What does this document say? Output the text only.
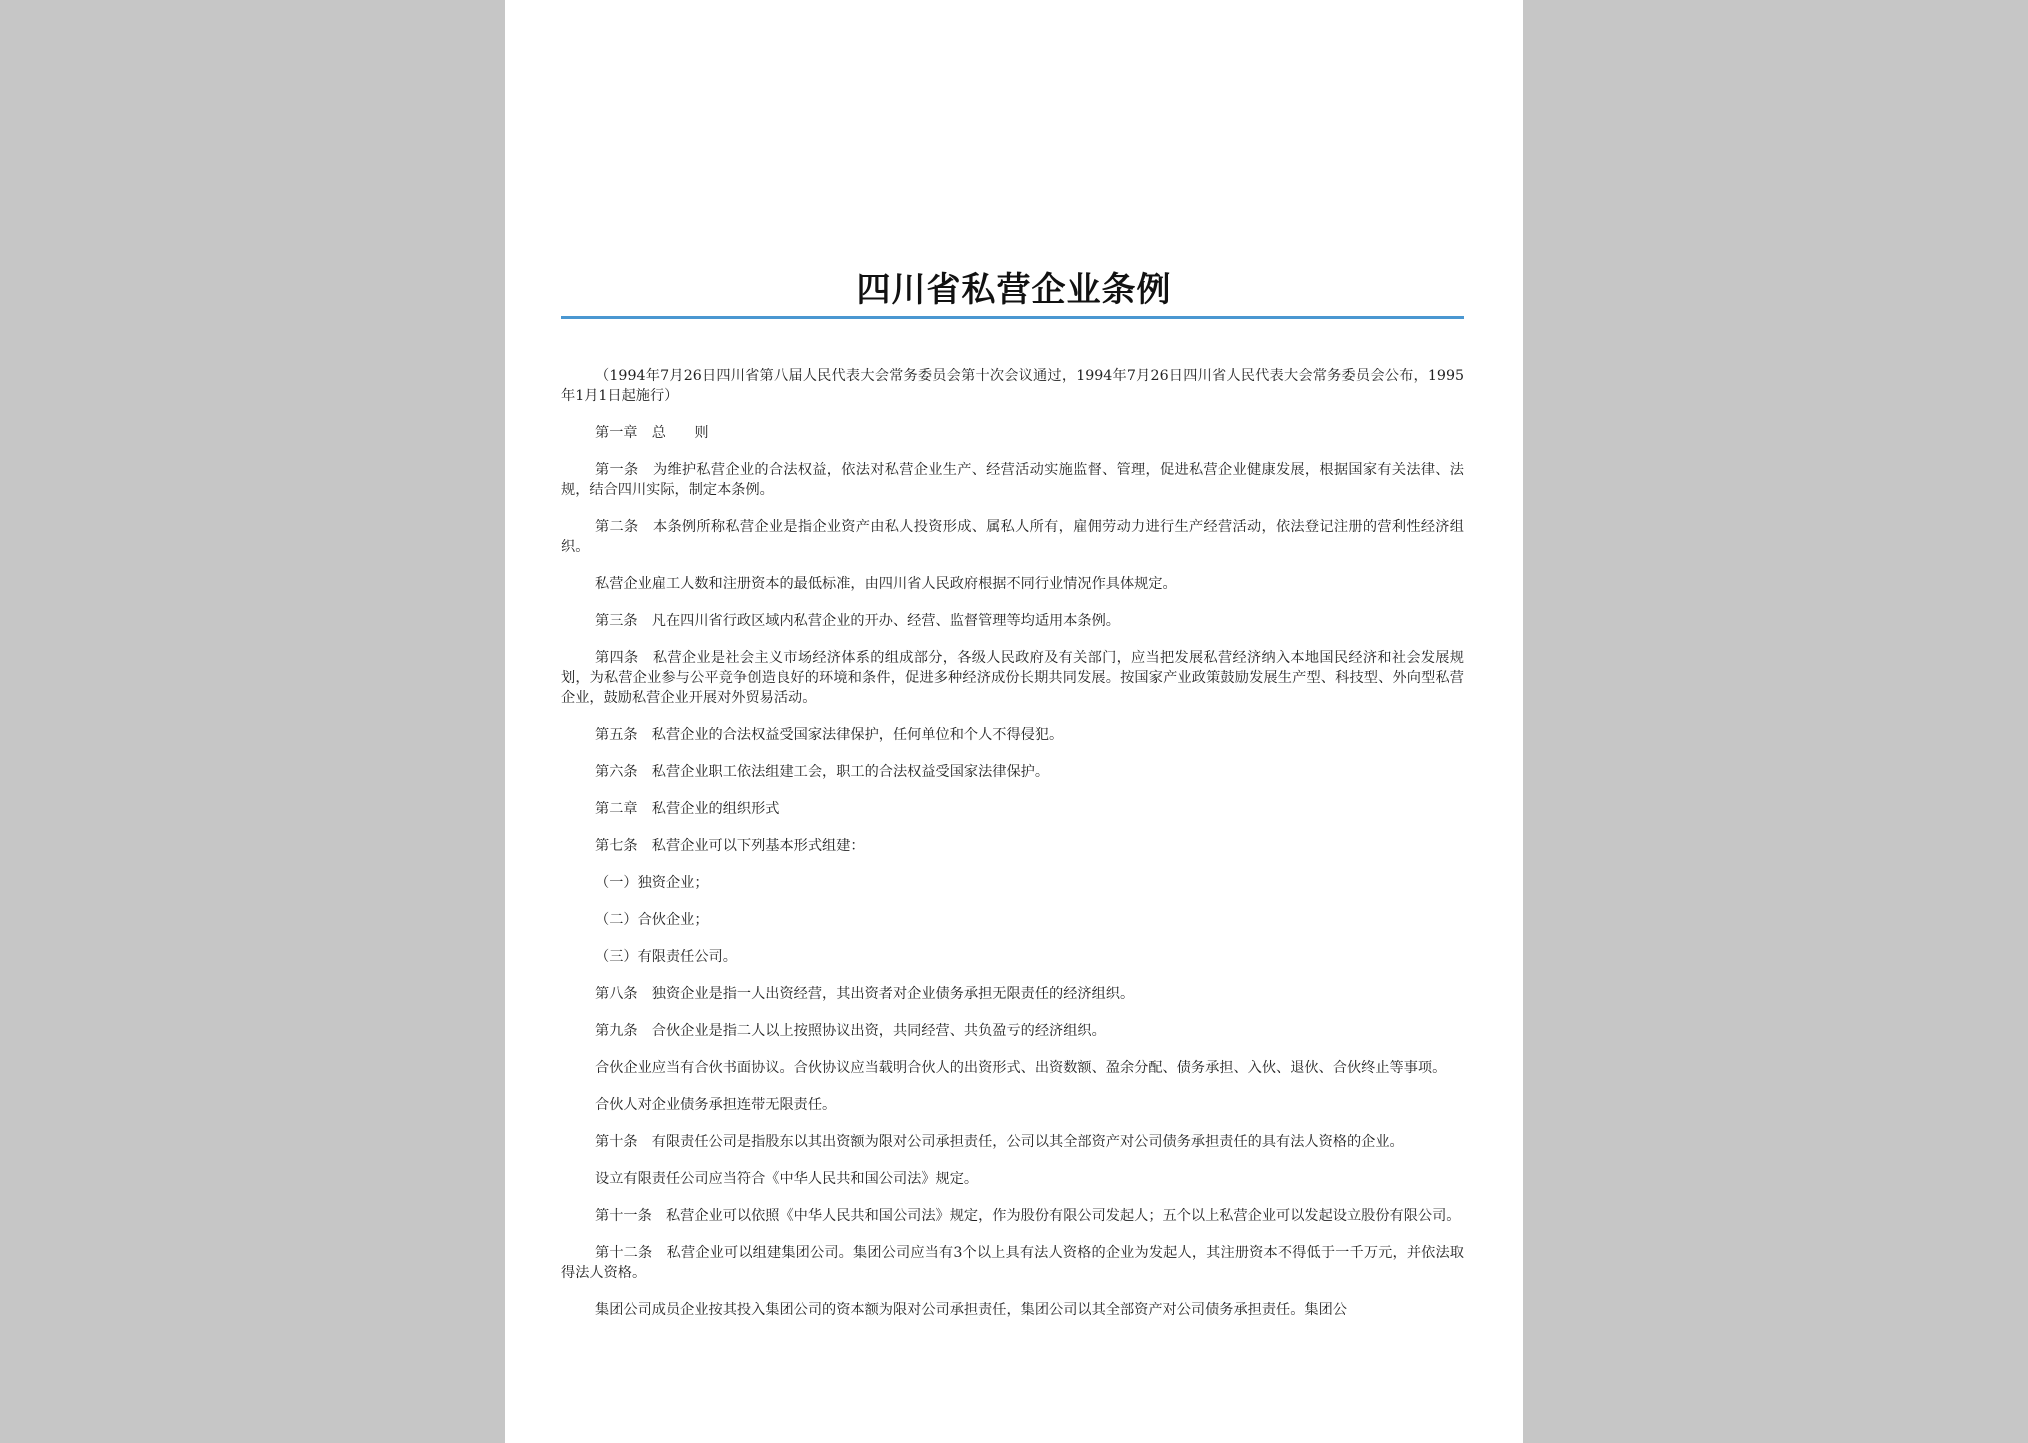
四川省私营企业条例

（1994年7月26日四川省第八届人民代表大会常务委员会第十次会议通过，1994年7月26日四川省人民代表大会常务委员会公布，1995年1月1日起施行）

第一章　总　　则

第一条　为维护私营企业的合法权益，依法对私营企业生产、经营活动实施监督、管理，促进私营企业健康发展，根据国家有关法律、法规，结合四川实际，制定本条例。

第二条　本条例所称私营企业是指企业资产由私人投资形成、属私人所有，雇佣劳动力进行生产经营活动，依法登记注册的营利性经济组织。

私营企业雇工人数和注册资本的最低标准，由四川省人民政府根据不同行业情况作具体规定。

第三条　凡在四川省行政区域内私营企业的开办、经营、监督管理等均适用本条例。

第四条　私营企业是社会主义市场经济体系的组成部分，各级人民政府及有关部门，应当把发展私营经济纳入本地国民经济和社会发展规划，为私营企业参与公平竞争创造良好的环境和条件，促进多种经济成份长期共同发展。按国家产业政策鼓励发展生产型、科技型、外向型私营企业，鼓励私营企业开展对外贸易活动。

第五条　私营企业的合法权益受国家法律保护，任何单位和个人不得侵犯。

第六条　私营企业职工依法组建工会，职工的合法权益受国家法律保护。

第二章　私营企业的组织形式

第七条　私营企业可以下列基本形式组建：

（一）独资企业；

（二）合伙企业；

（三）有限责任公司。

第八条　独资企业是指一人出资经营，其出资者对企业债务承担无限责任的经济组织。

第九条　合伙企业是指二人以上按照协议出资，共同经营、共负盈亏的经济组织。

合伙企业应当有合伙书面协议。合伙协议应当载明合伙人的出资形式、出资数额、盈余分配、债务承担、入伙、退伙、合伙终止等事项。

合伙人对企业债务承担连带无限责任。

第十条　有限责任公司是指股东以其出资额为限对公司承担责任，公司以其全部资产对公司债务承担责任的具有法人资格的企业。

设立有限责任公司应当符合《中华人民共和国公司法》规定。

第十一条　私营企业可以依照《中华人民共和国公司法》规定，作为股份有限公司发起人；五个以上私营企业可以发起设立股份有限公司。

第十二条　私营企业可以组建集团公司。集团公司应当有3个以上具有法人资格的企业为发起人，其注册资本不得低于一千万元，并依法取得法人资格。

集团公司成员企业按其投入集团公司的资本额为限对公司承担责任，集团公司以其全部资产对公司债务承担责任。集团公
